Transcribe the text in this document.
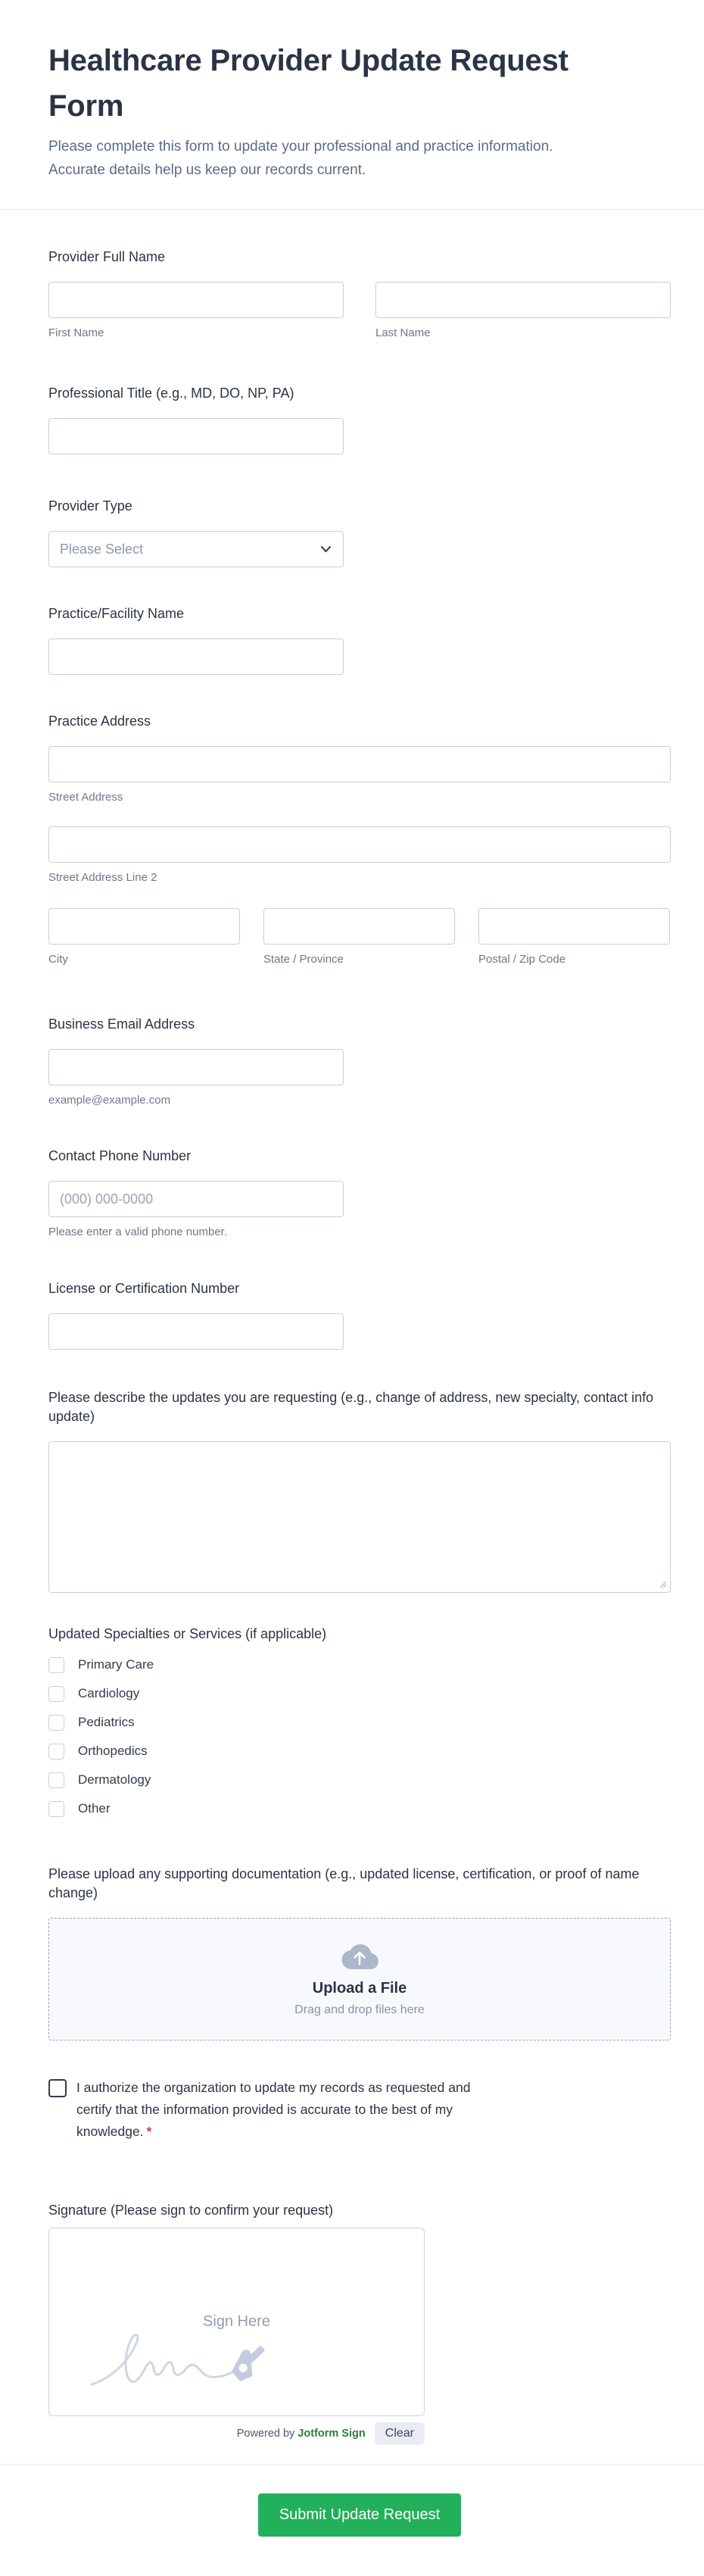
Healthcare Provider Update Request Form

Please complete this form to update your professional and practice information. Accurate details help us keep our records current.

Provider Full Name
First Name	Last Name
Professional Title (e.g., MD, DO, NP, PA)
Provider Type
Please Select
Practice/Facility Name
Practice Address
Street Address
Street Address Line 2
City	State / Province	Postal / Zip Code
Business Email Address
example@example.com
Contact Phone Number
(000) 000-0000
Please enter a valid phone number.
License or Certification Number
Please describe the updates you are requesting (e.g., change of address, new specialty, contact info update)
Updated Specialties or Services (if applicable)
Primary Care
Cardiology
Pediatrics
Orthopedics
Dermatology
Other
Please upload any supporting documentation (e.g., updated license, certification, or proof of name change)
Upload a File
Drag and drop files here
I authorize the organization to update my records as requested and certify that the information provided is accurate to the best of my knowledge. *
Signature (Please sign to confirm your request)
Sign Here
Powered by Jotform Sign	Clear
Submit Update Request
